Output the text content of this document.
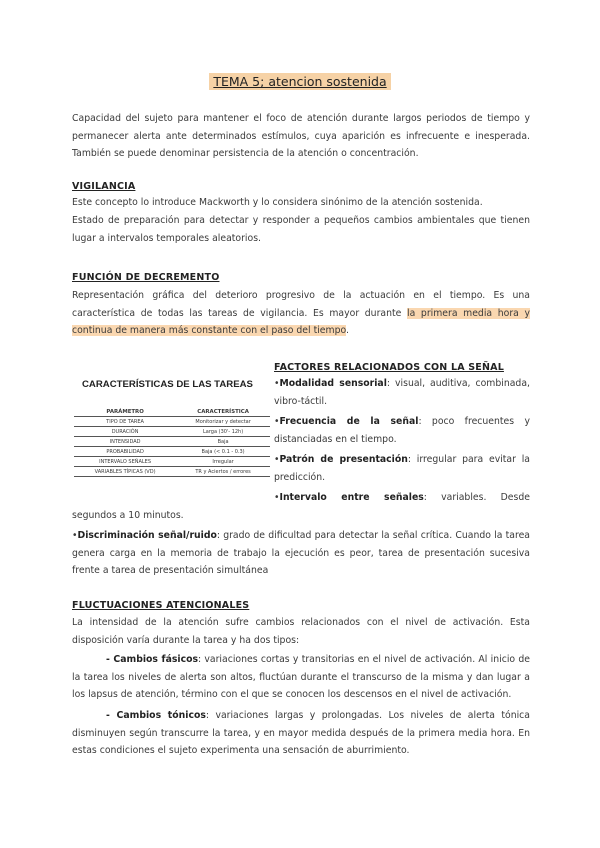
TEMA 5; atencion sostenida
Capacidad del sujeto para mantener el foco de atención durante largos periodos de tiempo y permanecer alerta ante determinados estímulos, cuya aparición es infrecuente e inesperada. También se puede denominar persistencia de la atención o concentración.
VIGILANCIA
Este concepto lo introduce Mackworth y lo considera sinónimo de la atención sostenida.
Estado de preparación para detectar y responder a pequeños cambios ambientales que tienen lugar a intervalos temporales aleatorios.
FUNCIÓN DE DECREMENTO
Representación gráfica del deterioro progresivo de la actuación en el tiempo. Es una característica de todas las tareas de vigilancia. Es mayor durante la primera media hora y continua de manera más constante con el paso del tiempo.
CARACTERÍSTICAS DE LAS TAREAS
PARÁMETRO	CARACTERÍSTICA
TIPO DE TAREA	Monitorizar y detectar
DURACIÓN	Larga (30'- 12h)
INTENSIDAD	Baja
PROBABILIDAD	Baja (< 0.1 - 0.3)
INTERVALO SEÑALES	Irregular
VARIABLES TÍPICAS (VD)	TR y Aciertos / errores
FACTORES RELACIONADOS CON LA SEÑAL
•Modalidad sensorial: visual, auditiva, combinada, vibro-táctil.
•Frecuencia de la señal: poco frecuentes y distanciadas en el tiempo.
•Patrón de presentación: irregular para evitar la predicción.
•Intervalo entre señales: variables. Desde segundos a 10 minutos.
•Discriminación señal/ruido: grado de dificultad para detectar la señal crítica. Cuando la tarea genera carga en la memoria de trabajo la ejecución es peor, tarea de presentación sucesiva frente a tarea de presentación simultánea
FLUCTUACIONES ATENCIONALES
La intensidad de la atención sufre cambios relacionados con el nivel de activación. Esta disposición varía durante la tarea y ha dos tipos:
- Cambios fásicos: variaciones cortas y transitorias en el nivel de activación. Al inicio de la tarea los niveles de alerta son altos, fluctúan durante el transcurso de la misma y dan lugar a los lapsus de atención, término con el que se conocen los descensos en el nivel de activación.
- Cambios tónicos: variaciones largas y prolongadas. Los niveles de alerta tónica disminuyen según transcurre la tarea, y en mayor medida después de la primera media hora. En estas condiciones el sujeto experimenta una sensación de aburrimiento.
